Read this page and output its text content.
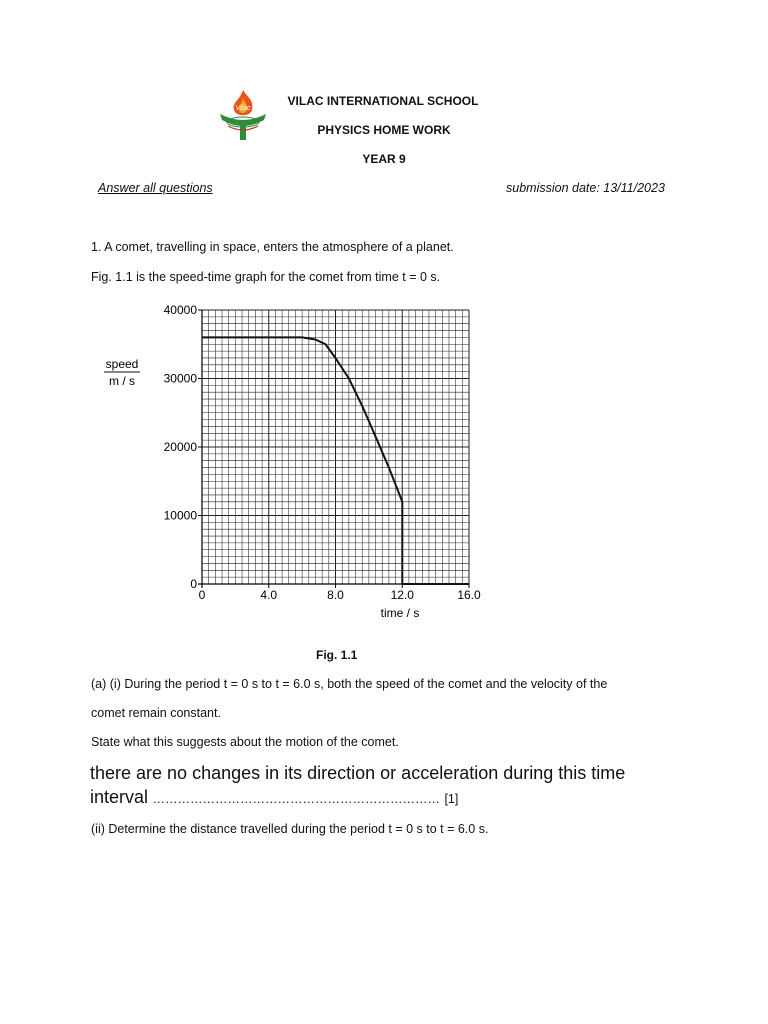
Vilac
VILAC INTERNATIONAL SCHOOL
PHYSICS HOME WORK
YEAR 9
Answer all questions	submission date: 13/11/2023
1. A comet, travelling in space, enters the atmosphere of a planet.
Fig. 1.1 is the speed-time graph for the comet from time t = 0 s.
0	4.0	8.0	12.0	16.0
0
10000
20000
30000
40000
speed
m / s
time / s
Fig. 1.1
(a) (i) During the period t = 0 s to t = 6.0 s, both the speed of the comet and the velocity of the
comet remain constant.
State what this suggests about the motion of the comet.
there are no changes in its direction or acceleration during this time
interval …………………………………………………………… [1]
(ii) Determine the distance travelled during the period t = 0 s to t = 6.0 s.
